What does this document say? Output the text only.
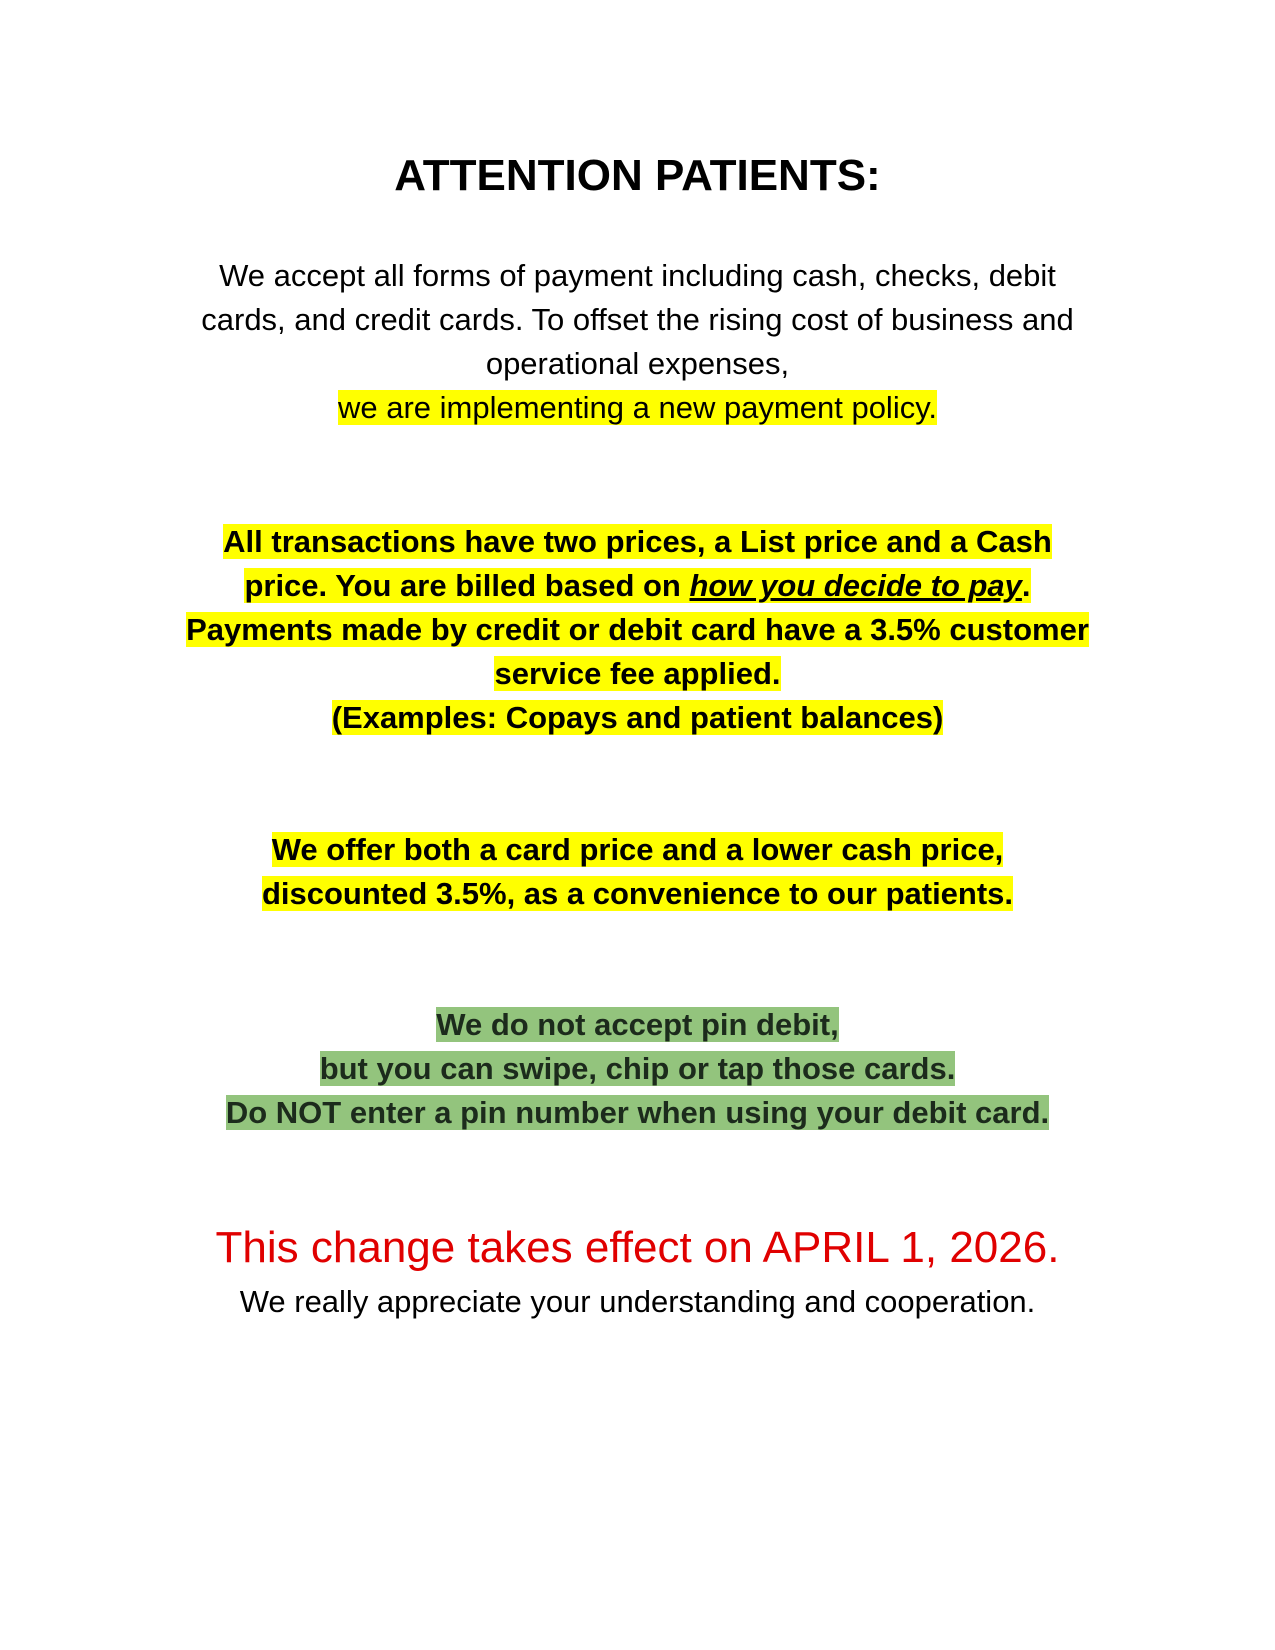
ATTENTION PATIENTS:
We accept all forms of payment including cash, checks, debit
cards, and credit cards. To offset the rising cost of business and
operational expenses,
we are implementing a new payment policy.
All transactions have two prices, a List price and a Cash
price. You are billed based on how you decide to pay.
Payments made by credit or debit card have a 3.5% customer
service fee applied.
(Examples: Copays and patient balances)
We offer both a card price and a lower cash price,
discounted 3.5%, as a convenience to our patients.
We do not accept pin debit,
but you can swipe, chip or tap those cards.
Do NOT enter a pin number when using your debit card.
This change takes effect on APRIL 1, 2026.
We really appreciate your understanding and cooperation.
